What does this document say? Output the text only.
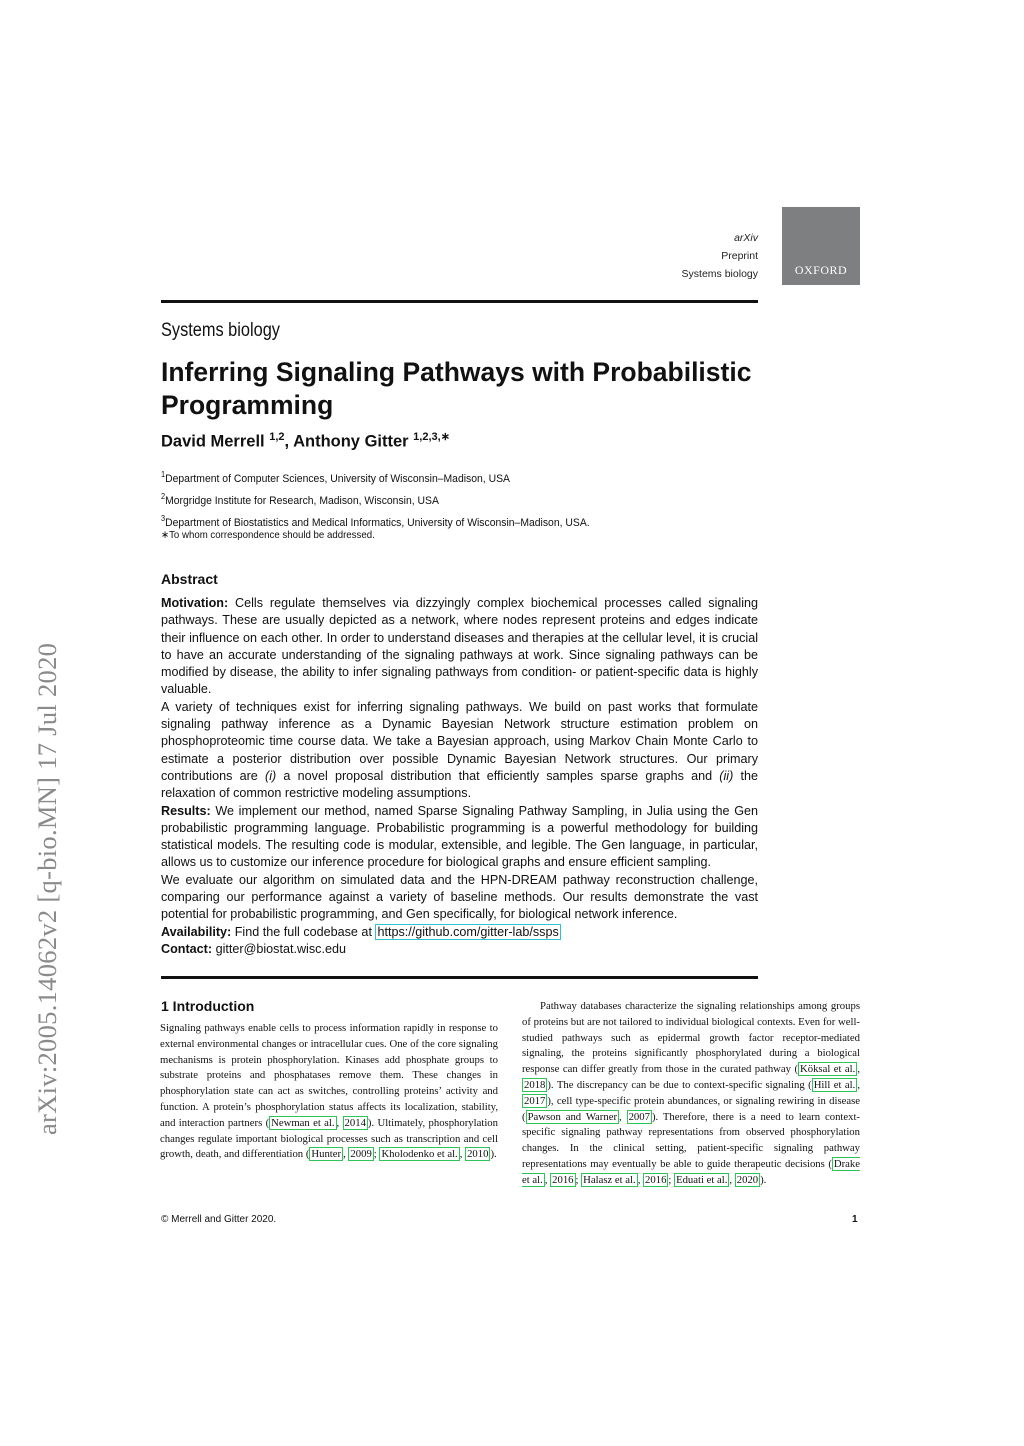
arXiv
Preprint
Systems biology	OXFORD
Systems biology
Inferring Signaling Pathways with Probabilistic Programming
David Merrell $^{1,2}$, Anthony Gitter $^{1,2,3,∗}$
$^1$Department of Computer Sciences, University of Wisconsin–Madison, USA
$^2$Morgridge Institute for Research, Madison, Wisconsin, USA
$^3$Department of Biostatistics and Medical Informatics, University of Wisconsin–Madison, USA.
∗To whom correspondence should be addressed.
Abstract

Motivation: Cells regulate themselves via dizzyingly complex biochemical processes called signaling pathways. These are usually depicted as a network, where nodes represent proteins and edges indicate their influence on each other. In order to understand diseases and therapies at the cellular level, it is crucial to have an accurate understanding of the signaling pathways at work. Since signaling pathways can be modified by disease, the ability to infer signaling pathways from condition- or patient-specific data is highly valuable.

A variety of techniques exist for inferring signaling pathways. We build on past works that formulate signaling pathway inference as a Dynamic Bayesian Network structure estimation problem on phosphoproteomic time course data. We take a Bayesian approach, using Markov Chain Monte Carlo to estimate a posterior distribution over possible Dynamic Bayesian Network structures. Our primary contributions are (i) a novel proposal distribution that efficiently samples sparse graphs and (ii) the relaxation of common restrictive modeling assumptions.

Results: We implement our method, named Sparse Signaling Pathway Sampling, in Julia using the Gen probabilistic programming language. Probabilistic programming is a powerful methodology for building statistical models. The resulting code is modular, extensible, and legible. The Gen language, in particular, allows us to customize our inference procedure for biological graphs and ensure efficient sampling.

We evaluate our algorithm on simulated data and the HPN-DREAM pathway reconstruction challenge, comparing our performance against a variety of baseline methods. Our results demonstrate the vast potential for probabilistic programming, and Gen specifically, for biological network inference.

Availability: Find the full codebase at https://github.com/gitter-lab/ssps

Contact: gitter@biostat.wisc.edu

1 Introduction
Signaling pathways enable cells to process information rapidly in response to external environmental changes or intracellular cues. One of the core signaling mechanisms is protein phosphorylation. Kinases add phosphate groups to substrate proteins and phosphatases remove them. These changes in phosphorylation state can act as switches, controlling proteins’ activity and function. A protein’s phosphorylation status affects its localization, stability, and interaction partners ( Newman et al. , 2014 ). Ultimately, phosphorylation changes regulate important biological processes such as transcription and cell growth, death, and differentiation ( Hunter , 2009 ; Kholodenko et al. , 2010 ).
Pathway databases characterize the signaling relationships among groups of proteins but are not tailored to individual biological contexts. Even for well-studied pathways such as epidermal growth factor receptor-mediated signaling, the proteins significantly phosphorylated during a biological response can differ greatly from those in the curated pathway ( Köksal et al. , 2018 ). The discrepancy can be due to context-specific signaling ( Hill et al. , 2017 ), cell type-specific protein abundances, or signaling rewiring in disease ( Pawson and Warner , 2007 ). Therefore, there is a need to learn context-specific signaling pathway representations from observed phosphorylation changes. In the clinical setting, patient-specific signaling pathway representations may eventually be able to guide therapeutic decisions ( Drake et al. , 2016 ; Halasz et al. , 2016 ; Eduati et al. , 2020 ).
© Merrell and Gitter 2020.	1
arXiv:2005.14062v2 [q-bio.MN] 17 Jul 2020
